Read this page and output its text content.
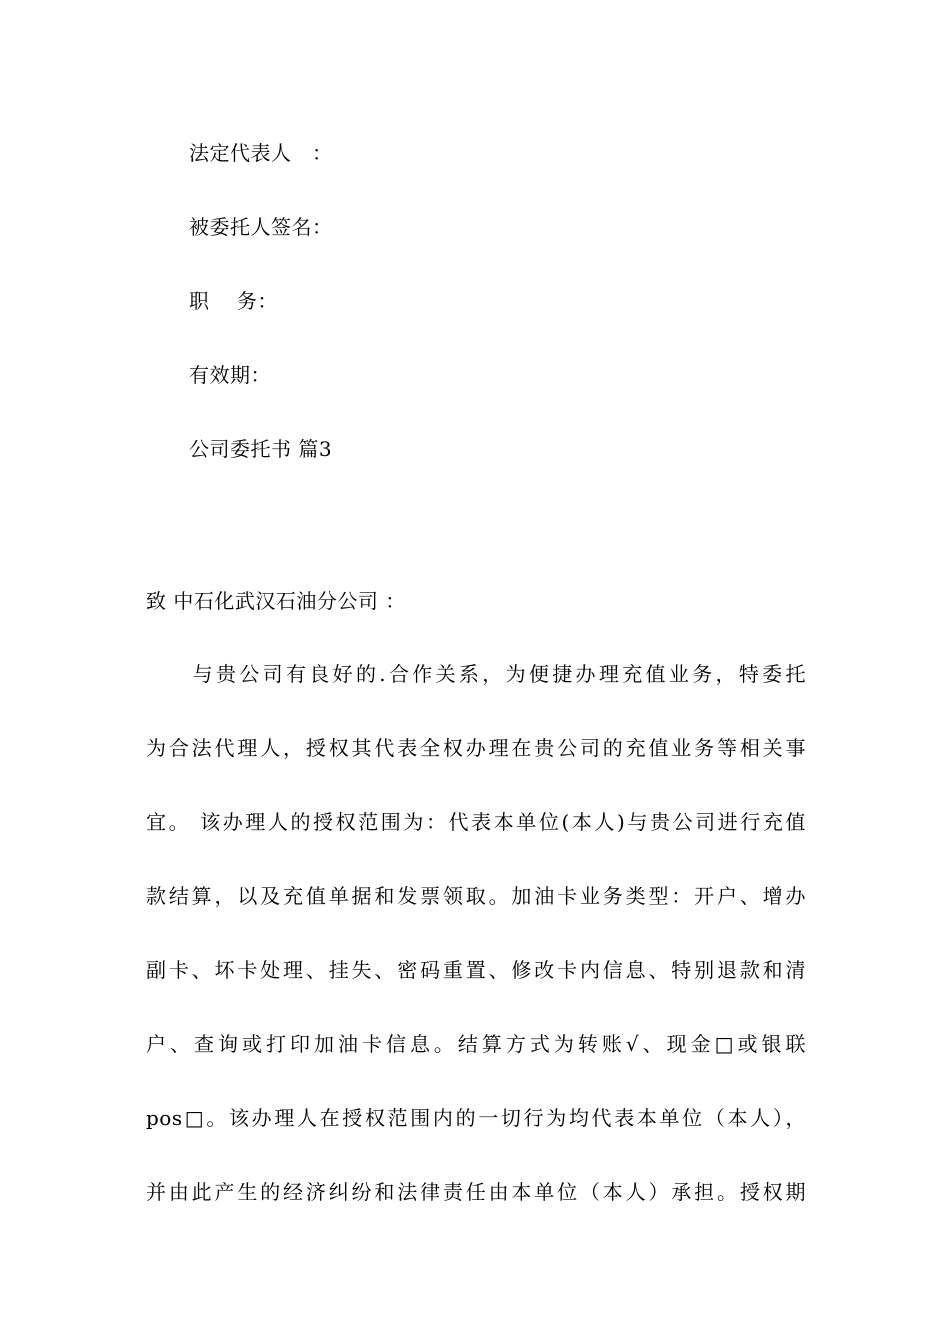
法定代表人　：
被委托人签名：
职　 务：
有效期：
公司委托书 篇3
致 中石化武汉石油分公司 ：
　　与贵公司有良好的.合作关系，为便捷办理充值业务，特委托
为合法代理人，授权其代表全权办理在贵公司的充值业务等相关事
宜。 该办理人的授权范围为：代表本单位(本人)与贵公司进行充值
款结算，以及充值单据和发票领取。加油卡业务类型：开户、增办
副卡、坏卡处理、挂失、密码重置、修改卡内信息、特别退款和清
户、查询或打印加油卡信息。结算方式为转账√、现金□或银联
pos□。该办理人在授权范围内的一切行为均代表本单位（本人），
并由此产生的经济纠纷和法律责任由本单位（本人）承担。授权期
